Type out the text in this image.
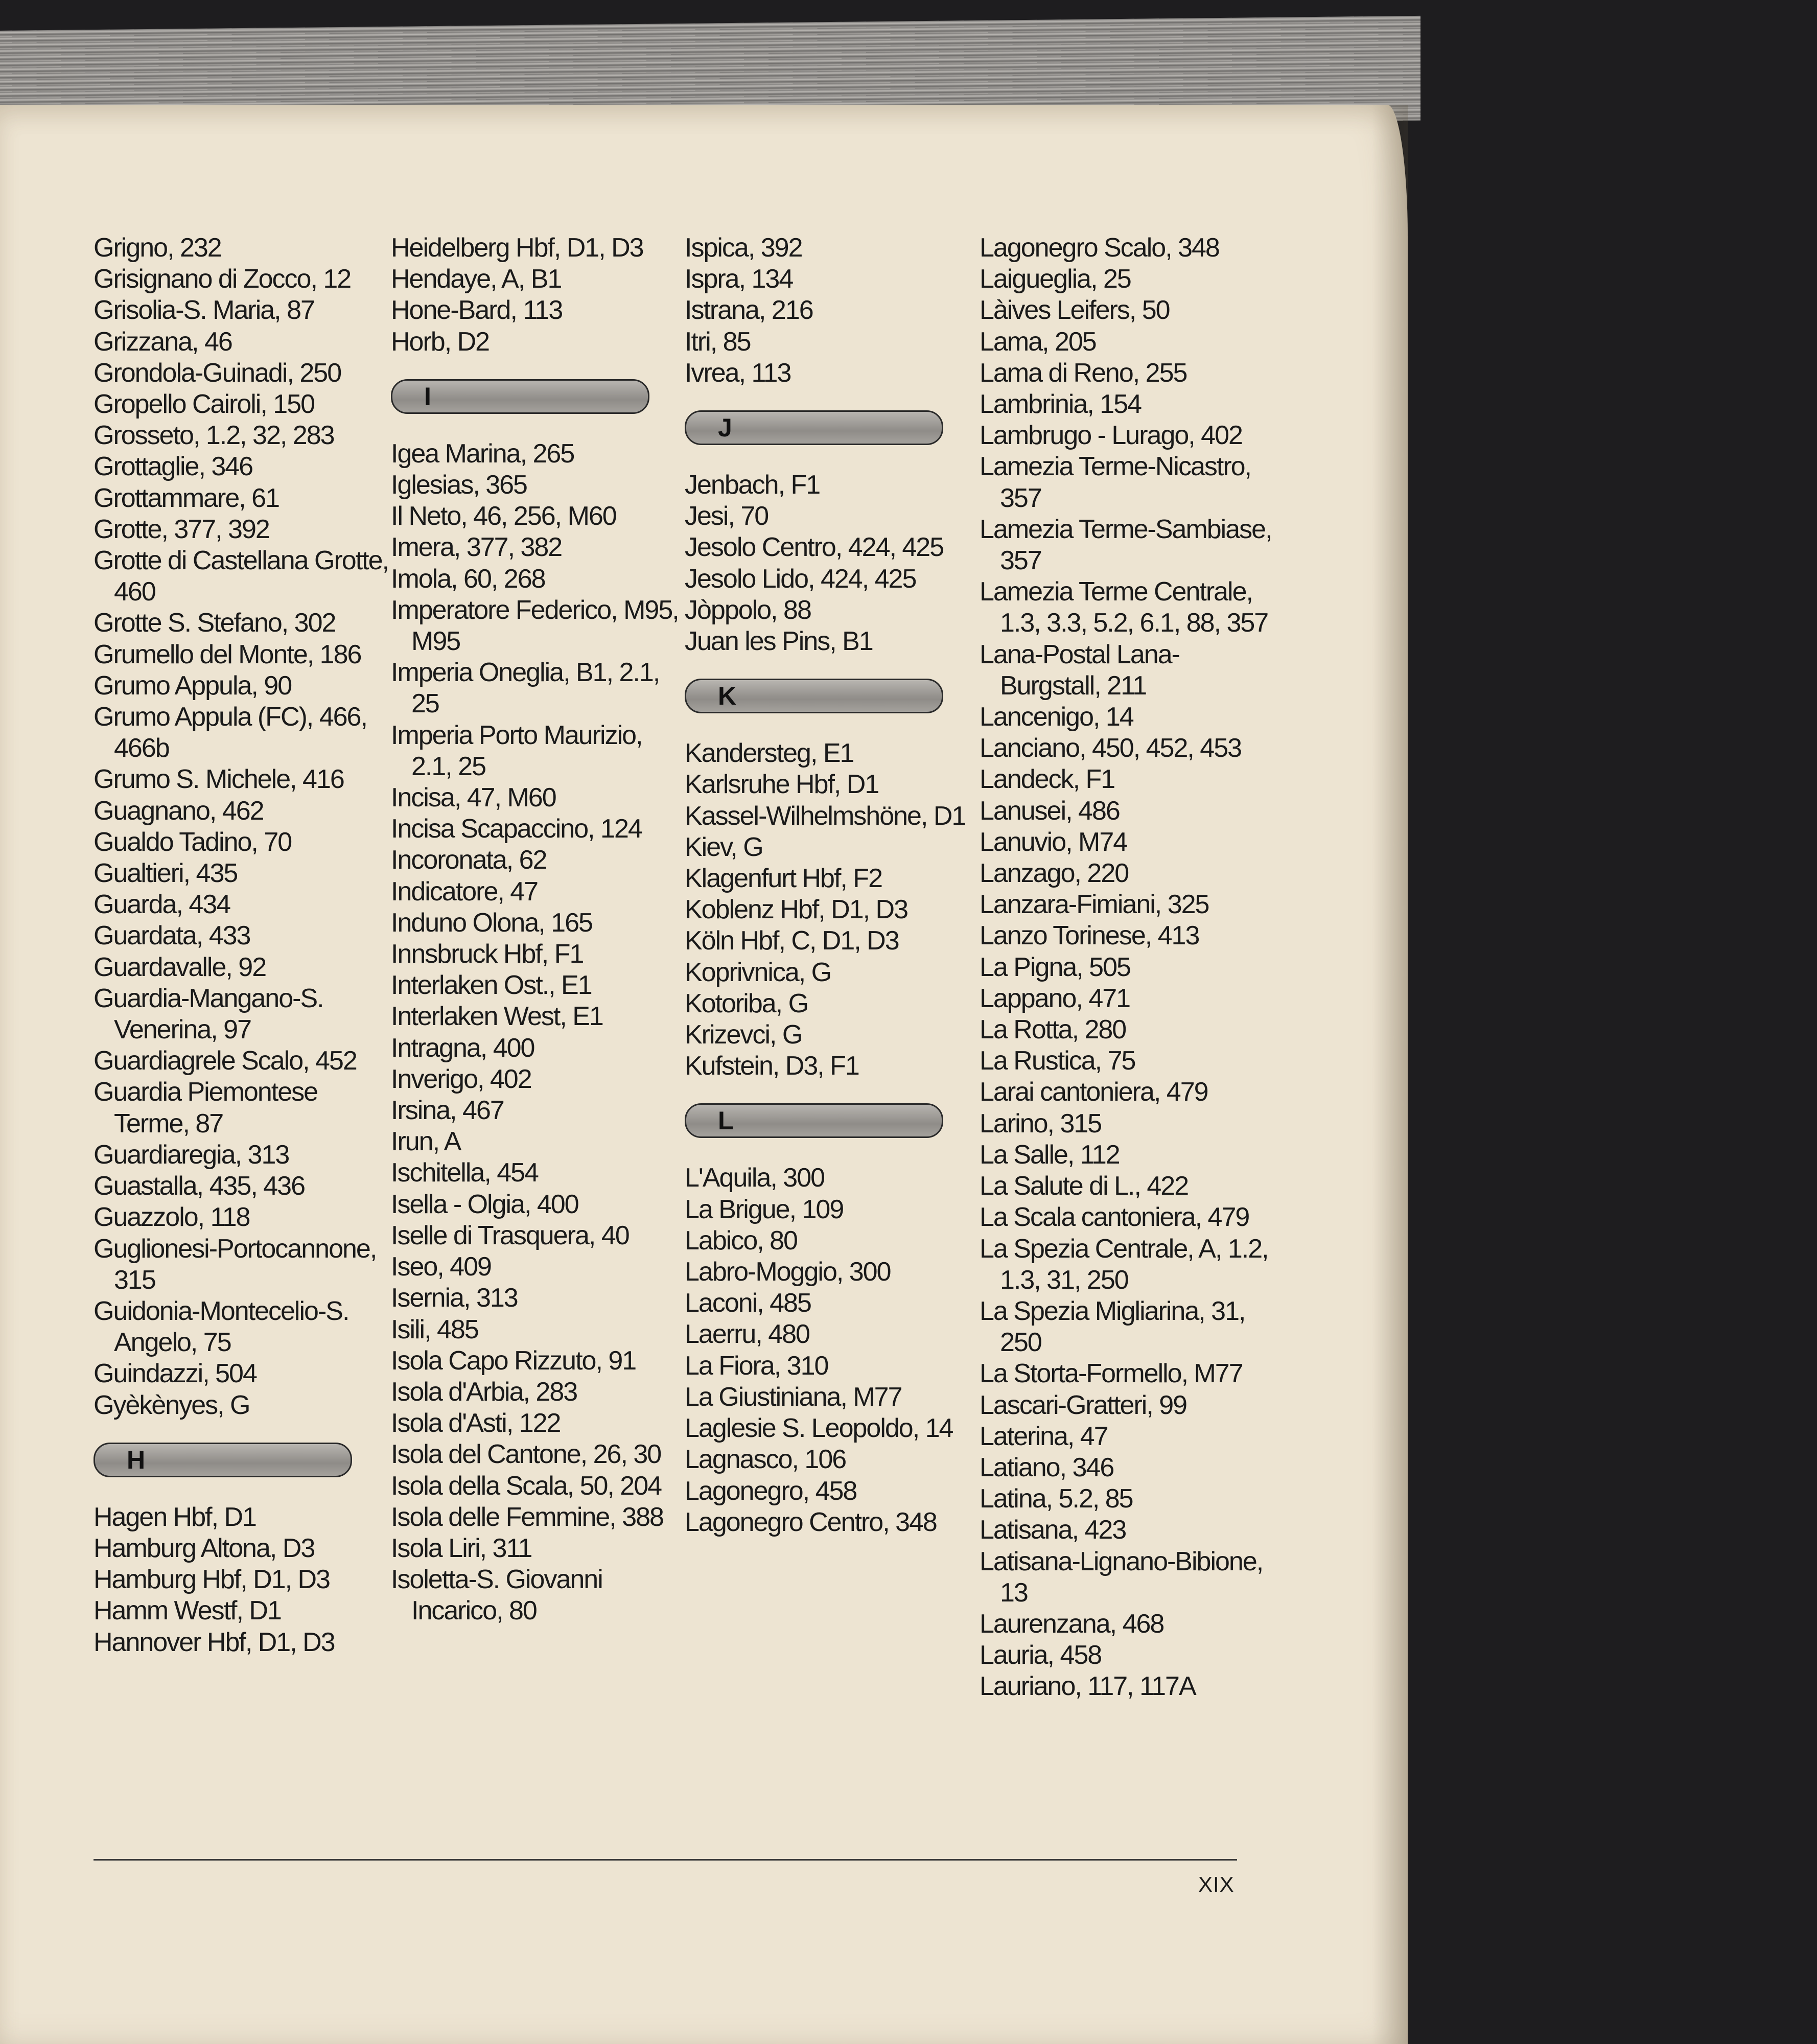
Grigno, 232

Grisignano di Zocco, 12

Grisolia-S. Maria, 87

Grizzana, 46

Grondola-Guinadi, 250

Gropello Cairoli, 150

Grosseto, 1.2, 32, 283

Grottaglie, 346

Grottammare, 61

Grotte, 377, 392

Grotte di Castellana Grotte, 460

Grotte S. Stefano, 302

Grumello del Monte, 186

Grumo Appula, 90

Grumo Appula (FC), 466, 466b

Grumo S. Michele, 416

Guagnano, 462

Gualdo Tadino, 70

Gualtieri, 435

Guarda, 434

Guardata, 433

Guardavalle, 92

Guardia-Mangano-S. Venerina, 97

Guardiagrele Scalo, 452

Guardia Piemontese Terme, 87

Guardiaregia, 313

Guastalla, 435, 436

Guazzolo, 118

Guglionesi-Portocannone, 315

Guidonia-Montecelio-S. Angelo, 75

Guindazzi, 504

Gyèkènyes, G

H

Hagen Hbf, D1

Hamburg Altona, D3

Hamburg Hbf, D1, D3

Hamm Westf, D1

Hannover Hbf, D1, D3

Heidelberg Hbf, D1, D3

Hendaye, A, B1

Hone-Bard, 113

Horb, D2

I

Igea Marina, 265

Iglesias, 365

Il Neto, 46, 256, M60

Imera, 377, 382

Imola, 60, 268

Imperatore Federico, M95, M95

Imperia Oneglia, B1, 2.1, 25

Imperia Porto Maurizio, 2.1, 25

Incisa, 47, M60

Incisa Scapaccino, 124

Incoronata, 62

Indicatore, 47

Induno Olona, 165

Innsbruck Hbf, F1

Interlaken Ost., E1

Interlaken West, E1

Intragna, 400

Inverigo, 402

Irsina, 467

Irun, A

Ischitella, 454

Isella - Olgia, 400

Iselle di Trasquera, 40

Iseo, 409

Isernia, 313

Isili, 485

Isola Capo Rizzuto, 91

Isola d'Arbia, 283

Isola d'Asti, 122

Isola del Cantone, 26, 30

Isola della Scala, 50, 204

Isola delle Femmine, 388

Isola Liri, 311

Isoletta-S. Giovanni Incarico, 80

Ispica, 392

Ispra, 134

Istrana, 216

Itri, 85

Ivrea, 113

J

Jenbach, F1

Jesi, 70

Jesolo Centro, 424, 425

Jesolo Lido, 424, 425

Jòppolo, 88

Juan les Pins, B1

K

Kandersteg, E1

Karlsruhe Hbf, D1

Kassel-Wilhelmshöne, D1

Kiev, G

Klagenfurt Hbf, F2

Koblenz Hbf, D1, D3

Köln Hbf, C, D1, D3

Koprivnica, G

Kotoriba, G

Krizevci, G

Kufstein, D3, F1

L

L'Aquila, 300

La Brigue, 109

Labico, 80

Labro-Moggio, 300

Laconi, 485

Laerru, 480

La Fiora, 310

La Giustiniana, M77

Laglesie S. Leopoldo, 14

Lagnasco, 106

Lagonegro, 458

Lagonegro Centro, 348

Lagonegro Scalo, 348

Laigueglia, 25

Làives Leifers, 50

Lama, 205

Lama di Reno, 255

Lambrinia, 154

Lambrugo - Lurago, 402

Lamezia Terme-Nicastro, 357

Lamezia Terme-Sambiase, 357

Lamezia Terme Centrale, 1.3, 3.3, 5.2, 6.1, 88, 357

Lana-Postal Lana-Burgstall, 211

Lancenigo, 14

Lanciano, 450, 452, 453

Landeck, F1

Lanusei, 486

Lanuvio, M74

Lanzago, 220

Lanzara-Fimiani, 325

Lanzo Torinese, 413

La Pigna, 505

Lappano, 471

La Rotta, 280

La Rustica, 75

Larai cantoniera, 479

Larino, 315

La Salle, 112

La Salute di L., 422

La Scala cantoniera, 479

La Spezia Centrale, A, 1.2, 1.3, 31, 250

La Spezia Migliarina, 31, 250

La Storta-Formello, M77

Lascari-Gratteri, 99

Laterina, 47

Latiano, 346

Latina, 5.2, 85

Latisana, 423

Latisana-Lignano-Bibione, 13

Laurenzana, 468

Lauria, 458

Lauriano, 117, 117A

XIX
